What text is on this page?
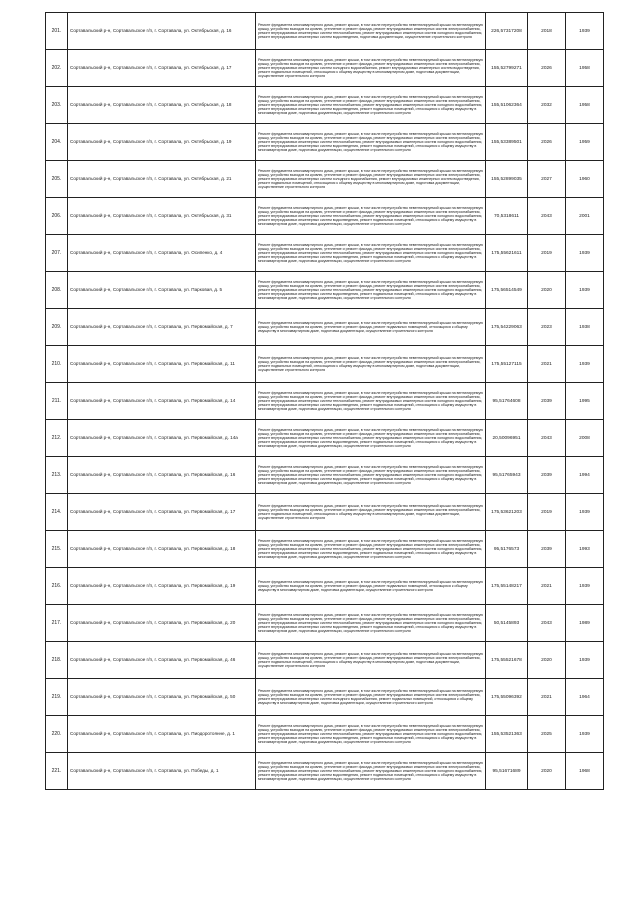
201.	Сортавальский р-н, Сортавальское г/п, г. Сортавала, ул. Октябрьская, д. 16	Ремонт фундамента многоквартирного дома, ремонт крыши, в том числе переустройство невентилируемой крыши на вентилируемую крышу, устройство выходов на кровлю, утепление и ремонт фасада, ремонт внутридомовых инженерных систем электроснабжения, ремонт внутридомовых инженерных систем теплоснабжения, ремонт внутридомовых инженерных систем холодного водоснабжения, ремонт внутридомовых инженерных систем водоотведения, подготовка документации, осуществление строительного контроля	226,57317208	2018	1939
202.	Сортавальский р-н, Сортавальское г/п, г. Сортавала, ул. Октябрьская, д. 17	Ремонт фундамента многоквартирного дома, ремонт крыши, в том числе переустройство невентилируемой крыши на вентилируемую крышу, устройство выходов на кровлю, утепление и ремонт фасада, ремонт внутридомовых инженерных систем электроснабжения, ремонт внутридомовых инженерных систем холодного водоснабжения, ремонт внутридомовых инженерных систем водоотведения, ремонт подвальных помещений, относящихся к общему имуществу в многоквартирном доме, подготовка документации, осуществление строительного контроля	155,52799271	2026	1958
203.	Сортавальский р-н, Сортавальское г/п, г. Сортавала, ул. Октябрьская, д. 18	Ремонт фундамента многоквартирного дома, ремонт крыши, в том числе переустройство невентилируемой крыши на вентилируемую крышу, устройство выходов на кровлю, утепление и ремонт фасада, ремонт внутридомовых инженерных систем электроснабжения, ремонт внутридомовых инженерных систем теплоснабжения, ремонт внутридомовых инженерных систем холодного водоснабжения, ремонт внутридомовых инженерных систем водоотведения, ремонт подвальных помещений, относящихся к общему имуществу в многоквартирном доме, подготовка документации, осуществление строительного контроля	155,51062364	2032	1958
204.	Сортавальский р-н, Сортавальское г/п, г. Сортавала, ул. Октябрьская, д. 19	Ремонт фундамента многоквартирного дома, ремонт крыши, в том числе переустройство невентилируемой крыши на вентилируемую крышу, устройство выходов на кровлю, утепление и ремонт фасада, ремонт внутридомовых инженерных систем электроснабжения, ремонт внутридомовых инженерных систем теплоснабжения, ремонт внутридомовых инженерных систем холодного водоснабжения, ремонт внутридомовых инженерных систем водоотведения, ремонт подвальных помещений, относящихся к общему имуществу в многоквартирном доме, подготовка документации, осуществление строительного контроля	155,53389501	2026	1959
205.	Сортавальский р-н, Сортавальское г/п, г. Сортавала, ул. Октябрьская, д. 21	Ремонт фундамента многоквартирного дома, ремонт крыши, в том числе переустройство невентилируемой крыши на вентилируемую крышу, устройство выходов на кровлю, утепление и ремонт фасада, ремонт внутридомовых инженерных систем электроснабжения, ремонт внутридомовых инженерных систем холодного водоснабжения, ремонт внутридомовых инженерных систем водоотведения, ремонт подвальных помещений, относящихся к общему имуществу в многоквартирном доме, подготовка документации, осуществление строительного контроля	155,52899035	2027	1960
206.	Сортавальский р-н, Сортавальское г/п, г. Сортавала, ул. Октябрьская, д. 31	Ремонт фундамента многоквартирного дома, ремонт крыши, в том числе переустройство невентилируемой крыши на вентилируемую крышу, устройство выходов на кровлю, утепление и ремонт фасада, ремонт внутридомовых инженерных систем электроснабжения, ремонт внутридомовых инженерных систем теплоснабжения, ремонт внутридомовых инженерных систем холодного водоснабжения, ремонт внутридомовых инженерных систем водоотведения, ремонт подвальных помещений, относящихся к общему имуществу в многоквартирном доме, подготовка документации, осуществление строительного контроля	70,5318611	2043	2001
207.	Сортавальский р-н, Сортавальское г/п, г. Сортавала, ул. Осипенко, д. 4	Ремонт фундамента многоквартирного дома, ремонт крыши, в том числе переустройство невентилируемой крыши на вентилируемую крышу, устройство выходов на кровлю, утепление и ремонт фасада, ремонт внутридомовых инженерных систем электроснабжения, ремонт внутридомовых инженерных систем теплоснабжения, ремонт внутридомовых инженерных систем холодного водоснабжения, ремонт внутридомовых инженерных систем водоотведения, ремонт подвальных помещений, относящихся к общему имуществу в многоквартирном доме, подготовка документации, осуществление строительного контроля	175,55621611	2019	1939
208.	Сортавальский р-н, Сортавальское г/п, г. Сортавала, ул. Парковая, д. 5	Ремонт фундамента многоквартирного дома, ремонт крыши, в том числе переустройство невентилируемой крыши на вентилируемую крышу, устройство выходов на кровлю, утепление и ремонт фасада, ремонт внутридомовых инженерных систем электроснабжения, ремонт внутридомовых инженерных систем теплоснабжения, ремонт внутридомовых инженерных систем холодного водоснабжения, ремонт внутридомовых инженерных систем водоотведения, ремонт подвальных помещений, относящихся к общему имуществу в многоквартирном доме, подготовка документации, осуществление строительного контроля	175,56514549	2020	1939
209.	Сортавальский р-н, Сортавальское г/п, г. Сортавала, ул. Первомайская, д. 7	Ремонт фундамента многоквартирного дома, ремонт крыши, в том числе переустройство невентилируемой крыши на вентилируемую крышу, устройство выходов на кровлю, утепление и ремонт фасада, ремонт подвальных помещений, относящихся к общему имуществу в многоквартирном доме, подготовка документации, осуществление строительного контроля	175,54229063	2023	1938
210.	Сортавальский р-н, Сортавальское г/п, г. Сортавала, ул. Первомайская, д. 11	Ремонт фундамента многоквартирного дома, ремонт крыши, в том числе переустройство невентилируемой крыши на вентилируемую крышу, устройство выходов на кровлю, утепление и ремонт фасада, ремонт внутридомовых инженерных систем электроснабжения, ремонт подвальных помещений, относящихся к общему имуществу в многоквартирном доме, подготовка документации, осуществление строительного контроля	175,55127115	2021	1939
211.	Сортавальский р-н, Сортавальское г/п, г. Сортавала, ул. Первомайская, д. 14	Ремонт фундамента многоквартирного дома, ремонт крыши, в том числе переустройство невентилируемой крыши на вентилируемую крышу, устройство выходов на кровлю, утепление и ремонт фасада, ремонт внутридомовых инженерных систем электроснабжения, ремонт внутридомовых инженерных систем теплоснабжения, ремонт внутридомовых инженерных систем холодного водоснабжения, ремонт внутридомовых инженерных систем водоотведения, ремонт подвальных помещений, относящихся к общему имуществу в многоквартирном доме, подготовка документации, осуществление строительного контроля	95,51764608	2039	1995
212.	Сортавальский р-н, Сортавальское г/п, г. Сортавала, ул. Первомайская, д. 14а	Ремонт фундамента многоквартирного дома, ремонт крыши, в том числе переустройство невентилируемой крыши на вентилируемую крышу, устройство выходов на кровлю, утепление и ремонт фасада, ремонт внутридомовых инженерных систем электроснабжения, ремонт внутридомовых инженерных систем теплоснабжения, ремонт внутридомовых инженерных систем холодного водоснабжения, ремонт внутридомовых инженерных систем водоотведения, ремонт подвальных помещений, относящихся к общему имуществу в многоквартирном доме, подготовка документации, осуществление строительного контроля	20,50096951	2043	2008
213.	Сортавальский р-н, Сортавальское г/п, г. Сортавала, ул. Первомайская, д. 16	Ремонт фундамента многоквартирного дома, ремонт крыши, в том числе переустройство невентилируемой крыши на вентилируемую крышу, устройство выходов на кровлю, утепление и ремонт фасада, ремонт внутридомовых инженерных систем электроснабжения, ремонт внутридомовых инженерных систем теплоснабжения, ремонт внутридомовых инженерных систем холодного водоснабжения, ремонт внутридомовых инженерных систем водоотведения, ремонт подвальных помещений, относящихся к общему имуществу в многоквартирном доме, подготовка документации, осуществление строительного контроля	95,51765943	2039	1994
214.	Сортавальский р-н, Сортавальское г/п, г. Сортавала, ул. Первомайская, д. 17	Ремонт фундамента многоквартирного дома, ремонт крыши, в том числе переустройство невентилируемой крыши на вентилируемую крышу, устройство выходов на кровлю, утепление и ремонт фасада, ремонт внутридомовых инженерных систем электроснабжения, ремонт подвальных помещений, относящихся к общему имуществу в многоквартирном доме, подготовка документации, осуществление строительного контроля	175,53621203	2019	1939
215.	Сортавальский р-н, Сортавальское г/п, г. Сортавала, ул. Первомайская, д. 18	Ремонт фундамента многоквартирного дома, ремонт крыши, в том числе переустройство невентилируемой крыши на вентилируемую крышу, устройство выходов на кровлю, утепление и ремонт фасада, ремонт внутридомовых инженерных систем электроснабжения, ремонт внутридомовых инженерных систем теплоснабжения, ремонт внутридомовых инженерных систем холодного водоснабжения, ремонт внутридомовых инженерных систем водоотведения, ремонт подвальных помещений, относящихся к общему имуществу в многоквартирном доме, подготовка документации, осуществление строительного контроля	95,5176573	2039	1993
216.	Сортавальский р-н, Сортавальское г/п, г. Сортавала, ул. Первомайская, д. 19	Ремонт фундамента многоквартирного дома, ремонт крыши, в том числе переустройство невентилируемой крыши на вентилируемую крышу, устройство выходов на кровлю, утепление и ремонт фасада, ремонт подвальных помещений, относящихся к общему имуществу в многоквартирном доме, подготовка документации, осуществление строительного контроля	175,55148217	2021	1939
217.	Сортавальский р-н, Сортавальское г/п, г. Сортавала, ул. Первомайская, д. 20	Ремонт фундамента многоквартирного дома, ремонт крыши, в том числе переустройство невентилируемой крыши на вентилируемую крышу, устройство выходов на кровлю, утепление и ремонт фасада, ремонт внутридомовых инженерных систем электроснабжения, ремонт внутридомовых инженерных систем теплоснабжения, ремонт внутридомовых инженерных систем холодного водоснабжения, ремонт внутридомовых инженерных систем водоотведения, ремонт подвальных помещений, относящихся к общему имуществу в многоквартирном доме, подготовка документации, осуществление строительного контроля	50,5145893	2043	1989
218.	Сортавальский р-н, Сортавальское г/п, г. Сортавала, ул. Первомайская, д. 46	Ремонт фундамента многоквартирного дома, ремонт крыши, в том числе переустройство невентилируемой крыши на вентилируемую крышу, устройство выходов на кровлю, утепление и ремонт фасада, ремонт внутридомовых инженерных систем электроснабжения, ремонт подвальных помещений, относящихся к общему имуществу в многоквартирном доме, подготовка документации, осуществление строительного контроля	175,55521678	2020	1939
219.	Сортавальский р-н, Сортавальское г/п, г. Сортавала, ул. Первомайская, д. 50	Ремонт фундамента многоквартирного дома, ремонт крыши, в том числе переустройство невентилируемой крыши на вентилируемую крышу, устройство выходов на кровлю, утепление и ремонт фасада, ремонт внутридомовых инженерных систем электроснабжения, ремонт внутридомовых инженерных систем холодного водоснабжения, ремонт подвальных помещений, относящихся к общему имуществу в многоквартирном доме, подготовка документации, осуществление строительного контроля	175,55096392	2021	1964
220.	Сортавальский р-н, Сортавальское г/п, г. Сортавала, ул. Пиодоротоянне, д. 1	Ремонт фундамента многоквартирного дома, ремонт крыши, в том числе переустройство невентилируемой крыши на вентилируемую крышу, устройство выходов на кровлю, утепление и ремонт фасада, ремонт внутридомовых инженерных систем электроснабжения, ремонт внутридомовых инженерных систем теплоснабжения, ремонт внутридомовых инженерных систем холодного водоснабжения, ремонт внутридомовых инженерных систем водоотведения, ремонт подвальных помещений, относящихся к общему имуществу в многоквартирном доме, подготовка документации, осуществление строительного контроля	155,53521363	2025	1939
221.	Сортавальский р-н, Сортавальское г/п, г. Сортавала, ул. Победы, д. 1	Ремонт фундамента многоквартирного дома, ремонт крыши, в том числе переустройство невентилируемой крыши на вентилируемую крышу, устройство выходов на кровлю, утепление и ремонт фасада, ремонт внутридомовых инженерных систем электроснабжения, ремонт внутридомовых инженерных систем теплоснабжения, ремонт внутридомовых инженерных систем холодного водоснабжения, ремонт внутридомовых инженерных систем водоотведения, ремонт подвальных помещений, относящихся к общему имуществу в многоквартирном доме, подготовка документации, осуществление строительного контроля	95,51671689	2020	1968
